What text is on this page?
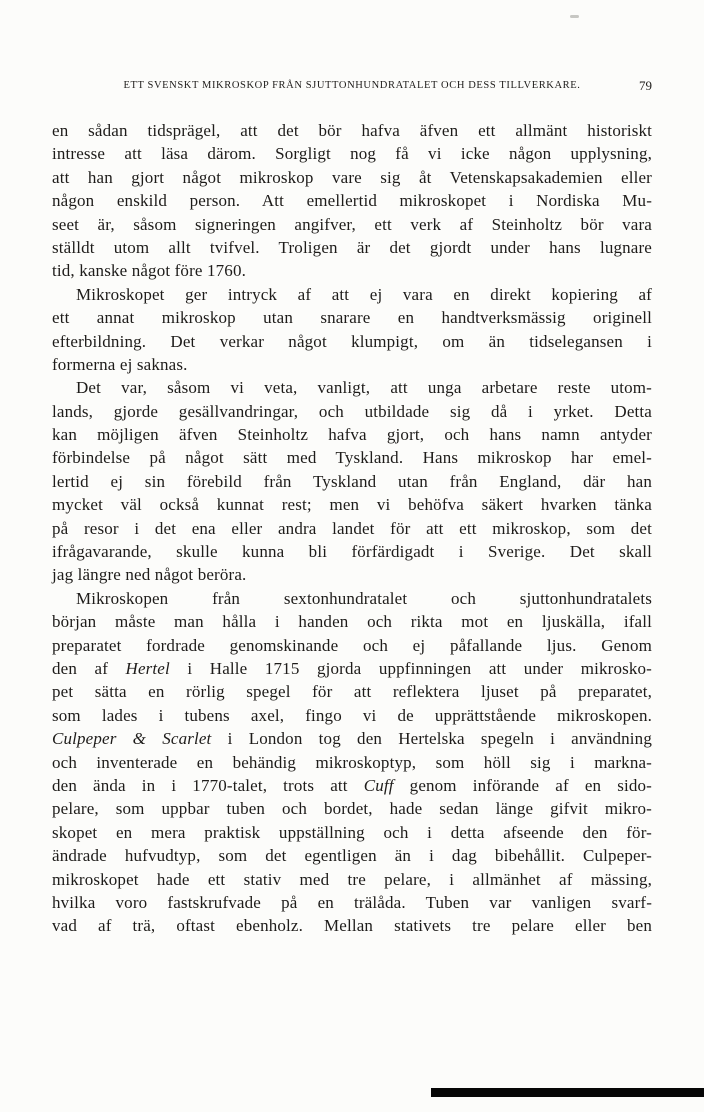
ETT SVENSKT MIKROSKOP FRÅN SJUTTONHUNDRATALET OCH DESS TILLVERKARE.	79
en sådan tidsprägel, att det bör hafva äfven ett allmänt historiskt
intresse att läsa därom. Sorgligt nog få vi icke någon upplysning,
att han gjort något mikroskop vare sig åt Vetenskapsakademien eller
någon enskild person. Att emellertid mikroskopet i Nordiska Mu-
seet är, såsom signeringen angifver, ett verk af Steinholtz bör vara
ställdt utom allt tvifvel. Troligen är det gjordt under hans lugnare
tid, kanske något före 1760.
Mikroskopet ger intryck af att ej vara en direkt kopiering af
ett annat mikroskop utan snarare en handtverksmässig originell
efterbildning. Det verkar något klumpigt, om än tidselegansen i
formerna ej saknas.
Det var, såsom vi veta, vanligt, att unga arbetare reste utom-
lands, gjorde gesällvandringar, och utbildade sig då i yrket. Detta
kan möjligen äfven Steinholtz hafva gjort, och hans namn antyder
förbindelse på något sätt med Tyskland. Hans mikroskop har emel-
lertid ej sin förebild från Tyskland utan från England, där han
mycket väl också kunnat rest; men vi behöfva säkert hvarken tänka
på resor i det ena eller andra landet för att ett mikroskop, som det
ifrågavarande, skulle kunna bli förfärdigadt i Sverige. Det skall
jag längre ned något beröra.
Mikroskopen från sextonhundratalet och sjuttonhundratalets
början måste man hålla i handen och rikta mot en ljuskälla, ifall
preparatet fordrade genomskinande och ej påfallande ljus. Genom
den af Hertel i Halle 1715 gjorda uppfinningen att under mikrosko-
pet sätta en rörlig spegel för att reflektera ljuset på preparatet,
som lades i tubens axel, fingo vi de upprättstående mikroskopen.
Culpeper & Scarlet i London tog den Hertelska spegeln i användning
och inventerade en behändig mikroskoptyp, som höll sig i markna-
den ända in i 1770-talet, trots att Cuff genom införande af en sido-
pelare, som uppbar tuben och bordet, hade sedan länge gifvit mikro-
skopet en mera praktisk uppställning och i detta afseende den för-
ändrade hufvudtyp, som det egentligen än i dag bibehållit. Culpeper-
mikroskopet hade ett stativ med tre pelare, i allmänhet af mässing,
hvilka voro fastskrufvade på en trälåda. Tuben var vanligen svarf-
vad af trä, oftast ebenholz. Mellan stativets tre pelare eller ben
